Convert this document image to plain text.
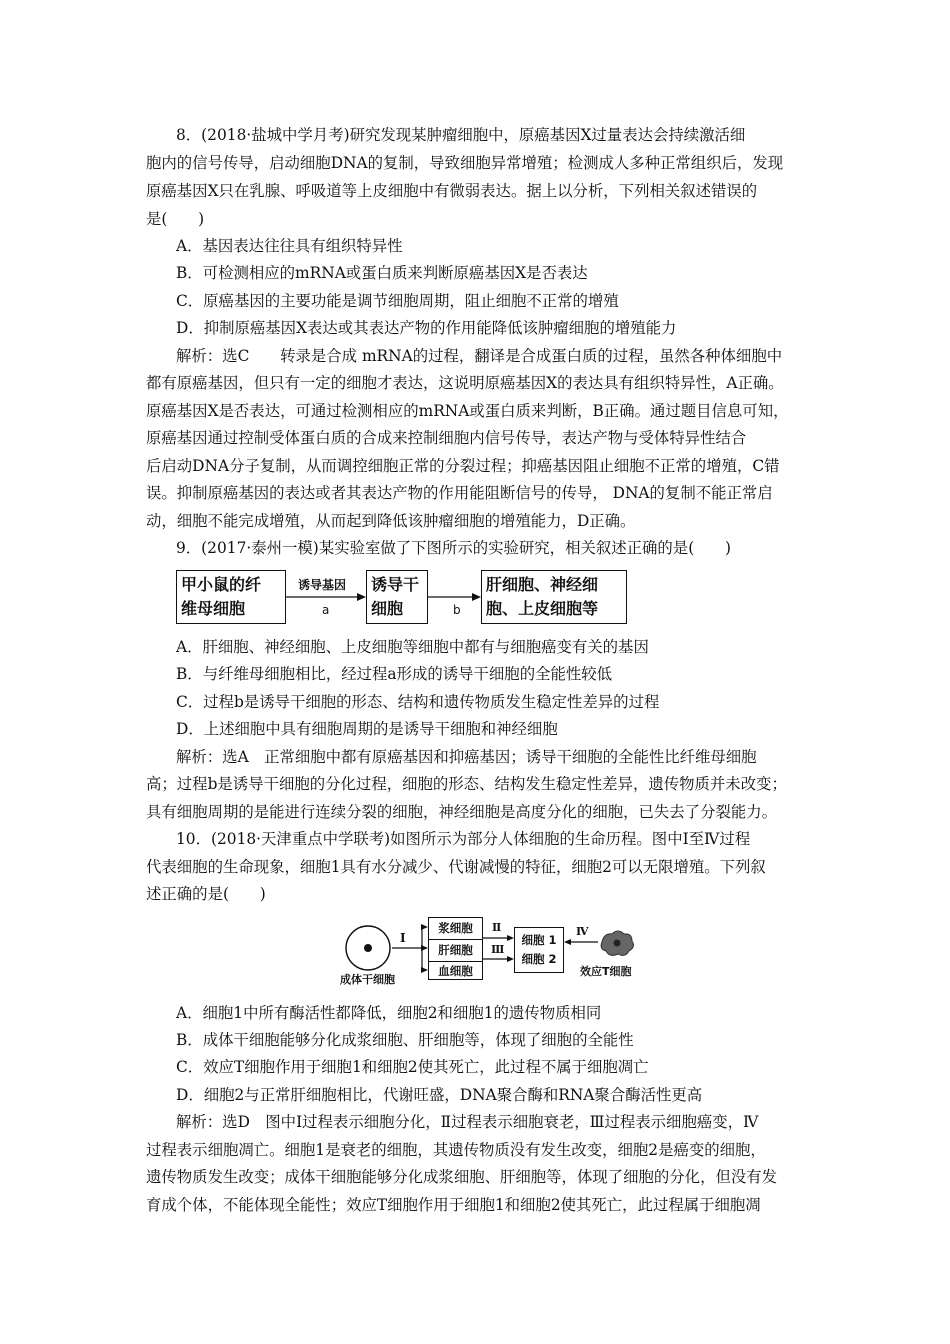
8．(2018·盐城中学月考)研究发现某肿瘤细胞中，原癌基因X过量表达会持续激活细
胞内的信号传导，启动细胞DNA的复制，导致细胞异常增殖；检测成人多种正常组织后，发现
原癌基因X只在乳腺、呼吸道等上皮细胞中有微弱表达。据上以分析，下列相关叙述错误的
是(　　)
A．基因表达往往具有组织特异性
B．可检测相应的mRNA或蛋白质来判断原癌基因X是否表达
C．原癌基因的主要功能是调节细胞周期，阻止细胞不正常的增殖
D．抑制原癌基因X表达或其表达产物的作用能降低该肿瘤细胞的增殖能力
解析：选C　　转录是合成 mRNA的过程，翻译是合成蛋白质的过程，虽然各种体细胞中
都有原癌基因，但只有一定的细胞才表达，这说明原癌基因X的表达具有组织特异性，A正确。
原癌基因X是否表达，可通过检测相应的mRNA或蛋白质来判断，B正确。通过题目信息可知，
原癌基因通过控制受体蛋白质的合成来控制细胞内信号传导，表达产物与受体特异性结合
后启动DNA分子复制，从而调控细胞正常的分裂过程；抑癌基因阻止细胞不正常的增殖，C错
误。抑制原癌基因的表达或者其表达产物的作用能阻断信号的传导， DNA的复制不能正常启
动，细胞不能完成增殖，从而起到降低该肿瘤细胞的增殖能力，D正确。
9．(2017·泰州一模)某实验室做了下图所示的实验研究，相关叙述正确的是(　　)
甲小鼠的纤
维母细胞
诱导基因
a
诱导干
细胞	b
肝细胞、神经细
胞、上皮细胞等
A．肝细胞、神经细胞、上皮细胞等细胞中都有与细胞癌变有关的基因
B．与纤维母细胞相比，经过程a形成的诱导干细胞的全能性较低
C．过程b是诱导干细胞的形态、结构和遗传物质发生稳定性差异的过程
D．上述细胞中具有细胞周期的是诱导干细胞和神经细胞
解析：选A　正常细胞中都有原癌基因和抑癌基因；诱导干细胞的全能性比纤维母细胞
高；过程b是诱导干细胞的分化过程，细胞的形态、结构发生稳定性差异，遗传物质并未改变；
具有细胞周期的是能进行连续分裂的细胞，神经细胞是高度分化的细胞，已失去了分裂能力。
10．(2018·天津重点中学联考)如图所示为部分人体细胞的生命历程。图中Ⅰ至Ⅳ过程
代表细胞的生命现象，细胞1具有水分减少、代谢减慢的特征，细胞2可以无限增殖。下列叙
述正确的是(　　)
成体干细胞
Ⅰ
浆细胞
肝细胞
血细胞
Ⅱ
Ⅲ
细胞 1
细胞 2
Ⅳ
效应T细胞
A．细胞1中所有酶活性都降低，细胞2和细胞1的遗传物质相同
B．成体干细胞能够分化成浆细胞、肝细胞等，体现了细胞的全能性
C．效应T细胞作用于细胞1和细胞2使其死亡，此过程不属于细胞凋亡
D．细胞2与正常肝细胞相比，代谢旺盛，DNA聚合酶和RNA聚合酶活性更高
解析：选D　图中Ⅰ过程表示细胞分化，Ⅱ过程表示细胞衰老，Ⅲ过程表示细胞癌变，Ⅳ
过程表示细胞凋亡。细胞1是衰老的细胞，其遗传物质没有发生改变，细胞2是癌变的细胞，
遗传物质发生改变；成体干细胞能够分化成浆细胞、肝细胞等，体现了细胞的分化，但没有发
育成个体，不能体现全能性；效应T细胞作用于细胞1和细胞2使其死亡，此过程属于细胞凋
